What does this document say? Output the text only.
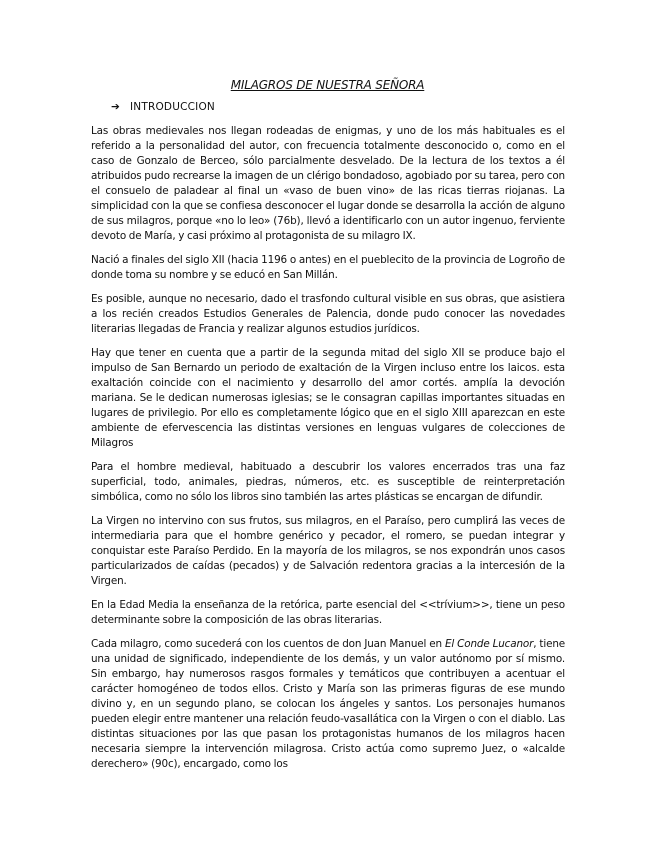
MILAGROS DE NUESTRA SEÑORA
➔ INTRODUCCION

Las obras medievales nos llegan rodeadas de enigmas, y uno de los más habituales es el referido a la personalidad del autor, con frecuencia totalmente desconocido o, como en el caso de Gonzalo de Berceo, sólo parcialmente desvelado. De la lectura de los textos a él atribuidos pudo recrearse la imagen de un clérigo bondadoso, agobiado por su tarea, pero con el consuelo de paladear al final un «vaso de buen vino» de las ricas tierras riojanas. La simplicidad con la que se confiesa desconocer el lugar donde se desarrolla la acción de alguno de sus milagros, porque «no lo leo» (76b), llevó a identificarlo con un autor ingenuo, ferviente devoto de María, y casi próximo al protagonista de su milagro IX.

Nació a finales del siglo XII (hacia 1196 o antes) en el pueblecito de la provincia de Logroño de donde toma su nombre y se educó en San Millán.

Es posible, aunque no necesario, dado el trasfondo cultural visible en sus obras, que asistiera a los recién creados Estudios Generales de Palencia, donde pudo conocer las novedades literarias llegadas de Francia y realizar algunos estudios jurídicos.

Hay que tener en cuenta que a partir de la segunda mitad del siglo XII se produce bajo el impulso de San Bernardo un periodo de exaltación de la Virgen incluso entre los laicos. esta exaltación coincide con el nacimiento y desarrollo del amor cortés. amplía la devoción mariana. Se le dedican numerosas iglesias; se le consagran capillas importantes situadas en lugares de privilegio. Por ello es completamente lógico que en el siglo XIII aparezcan en este ambiente de efervescencia las distintas versiones en lenguas vulgares de colecciones de Milagros

Para el hombre medieval, habituado a descubrir los valores encerrados tras una faz superficial, todo, animales, piedras, números, etc. es susceptible de reinterpretación simbólica, como no sólo los libros sino también las artes plásticas se encargan de difundir.

La Virgen no intervino con sus frutos, sus milagros, en el Paraíso, pero cumplirá las veces de intermediaria para que el hombre genérico y pecador, el romero, se puedan integrar y conquistar este Paraíso Perdido. En la mayoría de los milagros, se nos expondrán unos casos particularizados de caídas (pecados) y de Salvación redentora gracias a la intercesión de la Virgen.

En la Edad Media la enseñanza de la retórica, parte esencial del <<trívium>>, tiene un peso determinante sobre la composición de las obras literarias.

Cada milagro, como sucederá con los cuentos de don Juan Manuel en El Conde Lucanor, tiene una unidad de significado, independiente de los demás, y un valor autónomo por sí mismo. Sin embargo, hay numerosos rasgos formales y temáticos que contribuyen a acentuar el carácter homogéneo de todos ellos. Cristo y María son las primeras figuras de ese mundo divino y, en un segundo plano, se colocan los ángeles y santos. Los personajes humanos pueden elegir entre mantener una relación feudo-vasallática con la Virgen o con el diablo. Las distintas situaciones por las que pasan los protagonistas humanos de los milagros hacen necesaria siempre la intervención milagrosa. Cristo actúa como supremo Juez, o «alcalde derechero» (90c), encargado, como los
